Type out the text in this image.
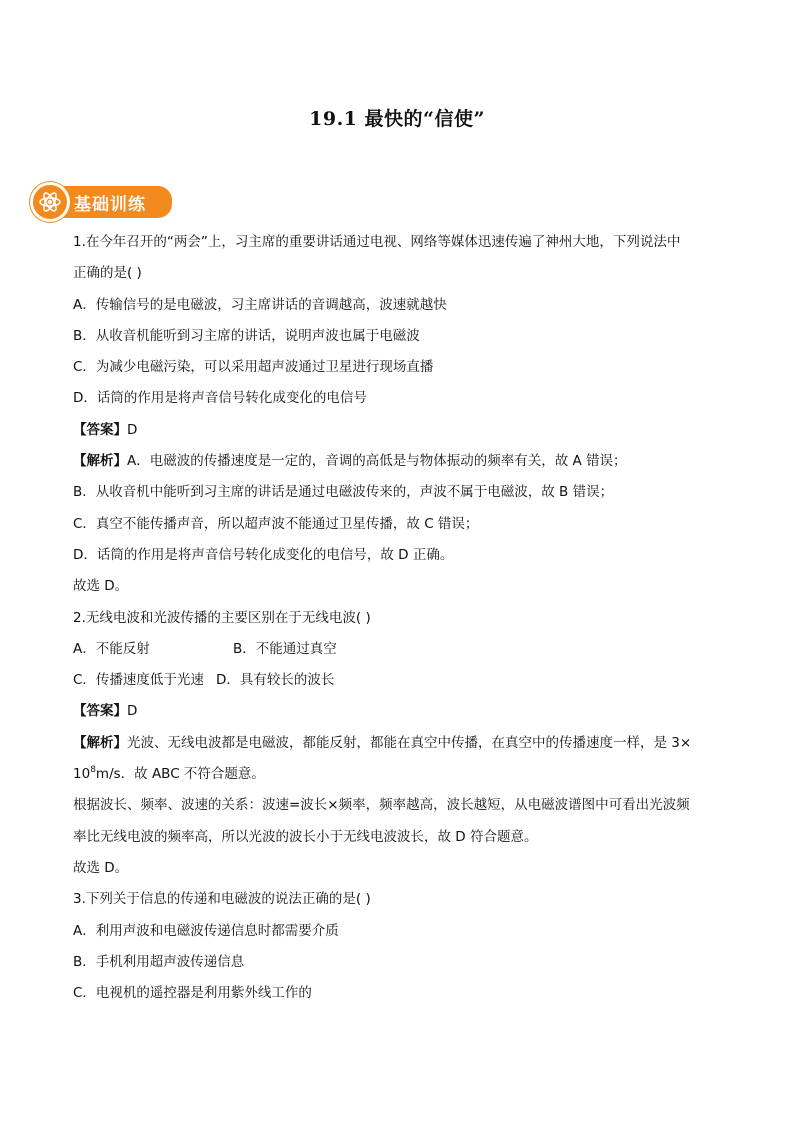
19.1 最快的“信使”
基础训练
1.在今年召开的“两会”上，习主席的重要讲话通过电视、网络等媒体迅速传遍了神州大地，下列说法中
正确的是( )
A．传输信号的是电磁波，习主席讲话的音调越高，波速就越快
B．从收音机能听到习主席的讲话，说明声波也属于电磁波
C．为减少电磁污染，可以采用超声波通过卫星进行现场直播
D．话筒的作用是将声音信号转化成变化的电信号
【答案】D
【解析】A．电磁波的传播速度是一定的，音调的高低是与物体振动的频率有关，故 A 错误；
B．从收音机中能听到习主席的讲话是通过电磁波传来的，声波不属于电磁波，故 B 错误；
C．真空不能传播声音，所以超声波不能通过卫星传播，故 C 错误；
D．话筒的作用是将声音信号转化成变化的电信号，故 D 正确。
故选 D。
2.无线电波和光波传播的主要区别在于无线电波( )
A．不能反射	B．不能通过真空
C．传播速度低于光速 D．具有较长的波长
【答案】D
【解析】光波、无线电波都是电磁波，都能反射，都能在真空中传播，在真空中的传播速度一样，是 3×
$10^8m/s$．故 ABC 不符合题意。
根据波长、频率、波速的关系：波速=波长×频率，频率越高，波长越短，从电磁波谱图中可看出光波频
率比无线电波的频率高，所以光波的波长小于无线电波波长，故 D 符合题意。
故选 D。
3.下列关于信息的传递和电磁波的说法正确的是( )
A．利用声波和电磁波传递信息时都需要介质
B．手机利用超声波传递信息
C．电视机的遥控器是利用紫外线工作的
